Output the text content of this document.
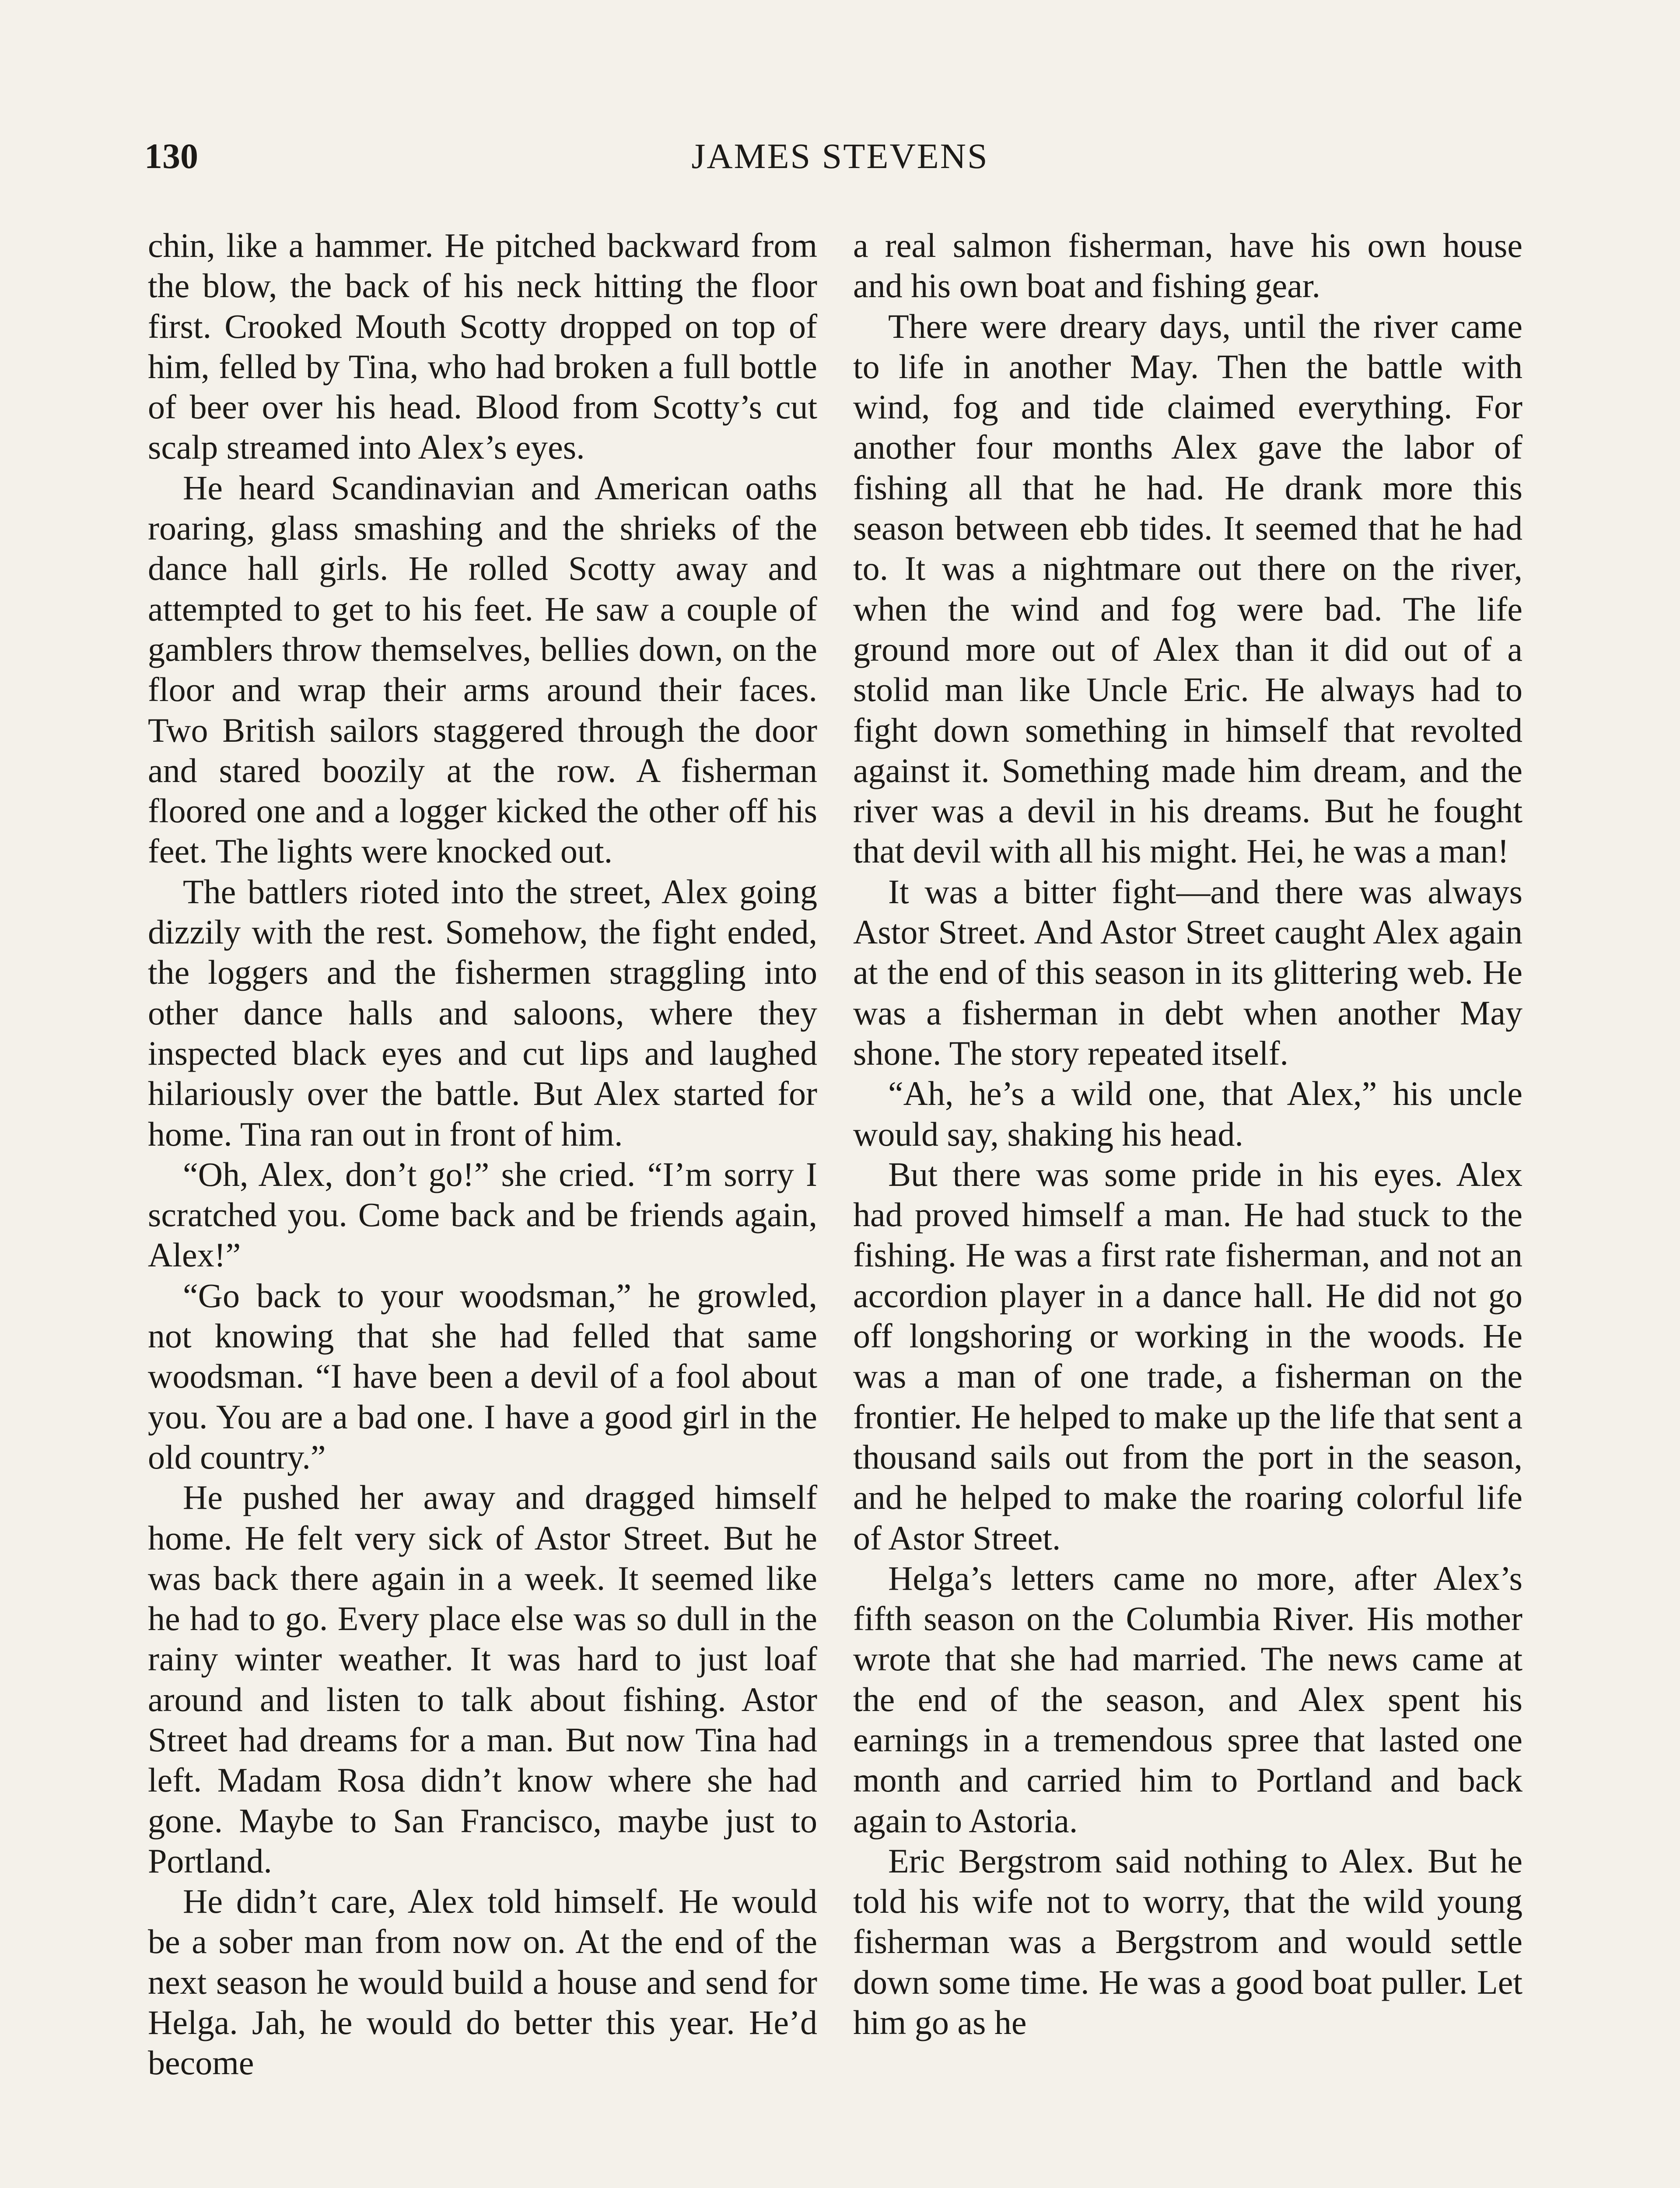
130	JAMES STEVENS

chin, like a hammer. He pitched backward from the blow, the back of his neck hitting the floor first. Crooked Mouth Scotty dropped on top of him, felled by Tina, who had broken a full bottle of beer over his head. Blood from Scotty’s cut scalp streamed into Alex’s eyes.

He heard Scandinavian and American oaths roaring, glass smashing and the shrieks of the dance hall girls. He rolled Scotty away and attempted to get to his feet. He saw a couple of gamblers throw themselves, bellies down, on the floor and wrap their arms around their faces. Two British sailors staggered through the door and stared boozily at the row. A fisherman floored one and a logger kicked the other off his feet. The lights were knocked out.

The battlers rioted into the street, Alex going dizzily with the rest. Somehow, the fight ended, the loggers and the fishermen straggling into other dance halls and saloons, where they inspected black eyes and cut lips and laughed hilariously over the battle. But Alex started for home. Tina ran out in front of him.

“Oh, Alex, don’t go!” she cried. “I’m sorry I scratched you. Come back and be friends again, Alex!”

“Go back to your woodsman,” he growled, not knowing that she had felled that same woodsman. “I have been a devil of a fool about you. You are a bad one. I have a good girl in the old country.”

He pushed her away and dragged himself home. He felt very sick of Astor Street. But he was back there again in a week. It seemed like he had to go. Every place else was so dull in the rainy winter weather. It was hard to just loaf around and listen to talk about fishing. Astor Street had dreams for a man. But now Tina had left. Madam Rosa didn’t know where she had gone. Maybe to San Francisco, maybe just to Portland.

He didn’t care, Alex told himself. He would be a sober man from now on. At the end of the next season he would build a house and send for Helga. Jah, he would do better this year. He’d become

a real salmon fisherman, have his own house and his own boat and fishing gear.

There were dreary days, until the river came to life in another May. Then the battle with wind, fog and tide claimed everything. For another four months Alex gave the labor of fishing all that he had. He drank more this season between ebb tides. It seemed that he had to. It was a nightmare out there on the river, when the wind and fog were bad. The life ground more out of Alex than it did out of a stolid man like Uncle Eric. He always had to fight down something in himself that revolted against it. Something made him dream, and the river was a devil in his dreams. But he fought that devil with all his might. Hei, he was a man!

It was a bitter fight—and there was always Astor Street. And Astor Street caught Alex again at the end of this season in its glittering web. He was a fisherman in debt when another May shone. The story repeated itself.

“Ah, he’s a wild one, that Alex,” his uncle would say, shaking his head.

But there was some pride in his eyes. Alex had proved himself a man. He had stuck to the fishing. He was a first rate fisherman, and not an accordion player in a dance hall. He did not go off longshoring or working in the woods. He was a man of one trade, a fisherman on the frontier. He helped to make up the life that sent a thousand sails out from the port in the season, and he helped to make the roaring colorful life of Astor Street.

Helga’s letters came no more, after Alex’s fifth season on the Columbia River. His mother wrote that she had married. The news came at the end of the season, and Alex spent his earnings in a tremendous spree that lasted one month and carried him to Portland and back again to Astoria.

Eric Bergstrom said nothing to Alex. But he told his wife not to worry, that the wild young fisherman was a Bergstrom and would settle down some time. He was a good boat puller. Let him go as he
